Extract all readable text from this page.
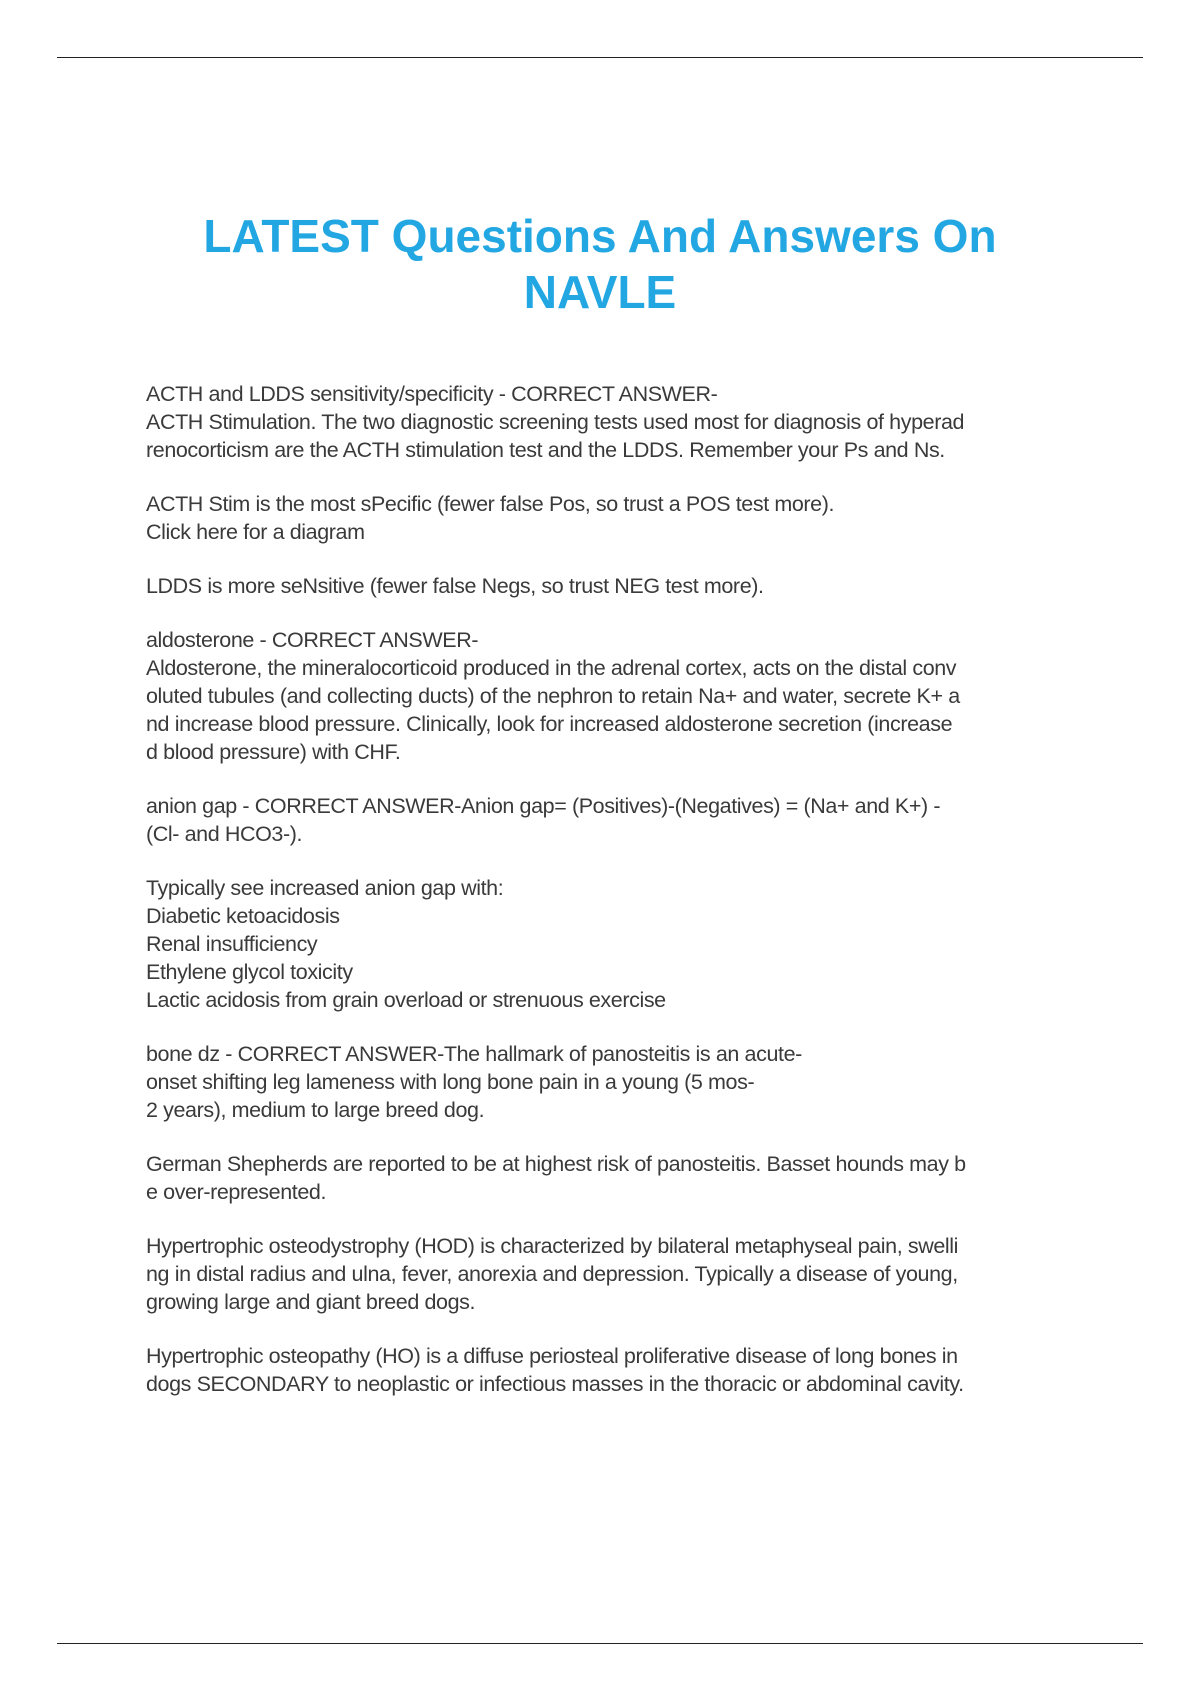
LATEST Questions And Answers On
NAVLE

ACTH and LDDS sensitivity/specificity - CORRECT ANSWER-
ACTH Stimulation. The two diagnostic screening tests used most for diagnosis of hyperad
renocorticism are the ACTH stimulation test and the LDDS. Remember your Ps and Ns.

ACTH Stim is the most sPecific (fewer false Pos, so trust a POS test more).
Click here for a diagram

LDDS is more seNsitive (fewer false Negs, so trust NEG test more).

aldosterone - CORRECT ANSWER-
Aldosterone, the mineralocorticoid produced in the adrenal cortex, acts on the distal conv
oluted tubules (and collecting ducts) of the nephron to retain Na+ and water, secrete K+ a
nd increase blood pressure. Clinically, look for increased aldosterone secretion (increase
d blood pressure) with CHF.

anion gap - CORRECT ANSWER-Anion gap= (Positives)-(Negatives) = (Na+ and K+) -
(Cl- and HCO3-).

Typically see increased anion gap with:
Diabetic ketoacidosis
Renal insufficiency
Ethylene glycol toxicity
Lactic acidosis from grain overload or strenuous exercise

bone dz - CORRECT ANSWER-The hallmark of panosteitis is an acute-
onset shifting leg lameness with long bone pain in a young (5 mos-
2 years), medium to large breed dog.

German Shepherds are reported to be at highest risk of panosteitis. Basset hounds may b
e over-represented.

Hypertrophic osteodystrophy (HOD) is characterized by bilateral metaphyseal pain, swelli
ng in distal radius and ulna, fever, anorexia and depression. Typically a disease of young,
growing large and giant breed dogs.

Hypertrophic osteopathy (HO) is a diffuse periosteal proliferative disease of long bones in
dogs SECONDARY to neoplastic or infectious masses in the thoracic or abdominal cavity.
